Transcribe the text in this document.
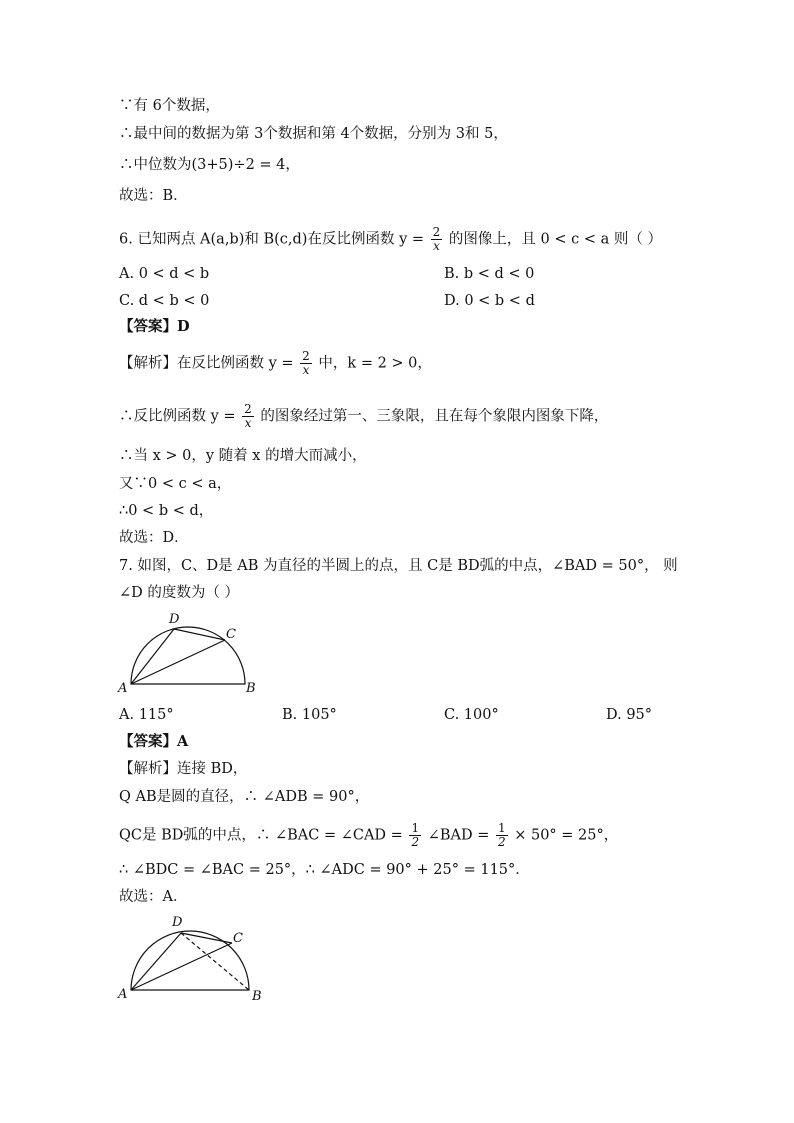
∵有 6个数据，
∴最中间的数据为第 3个数据和第 4个数据，分别为 3和 5，
∴中位数为(3+5)÷2 = 4，
故选：B．
6. 已知两点 A(a,b)和 B(c,d)在反比例函数 $y = \frac{2}{x}$ 的图像上，且 0 < c < a 则（ ）
A. 0 < d < b	B. b < d < 0
C. d < b < 0	D. 0 < b < d
【答案】D
【解析】在反比例函数 $y = \frac{2}{x}$ 中，k = 2 > 0，
∴反比例函数 $y = \frac{2}{x}$ 的图象经过第一、三象限，且在每个象限内图象下降，
∴当 x > 0，y 随着 x 的增大而减小，
又∵0 < c < a，
∴0 < b < d，
故选：D．
7. 如图，C、D是 AB 为直径的半圆上的点，且 C是 BD弧的中点，∠BAD = 50°， 则
∠D 的度数为（ ）
A	B
C
D
A. 115°	B. 105°	C. 100°	D. 95°
【答案】A
【解析】连接 BD，
Q AB是圆的直径，∴ ∠ADB = 90°，
QC是 BD弧的中点，∴ ∠BAC = ∠CAD = $\frac{1}{2}$ ∠BAD = $\frac{1}{2} \times 50^\circ = 25^\circ$，
∴ ∠BDC = ∠BAC = 25°，∴ ∠ADC = 90° + 25° = 115°．
故选：A．
A	B
C
D
